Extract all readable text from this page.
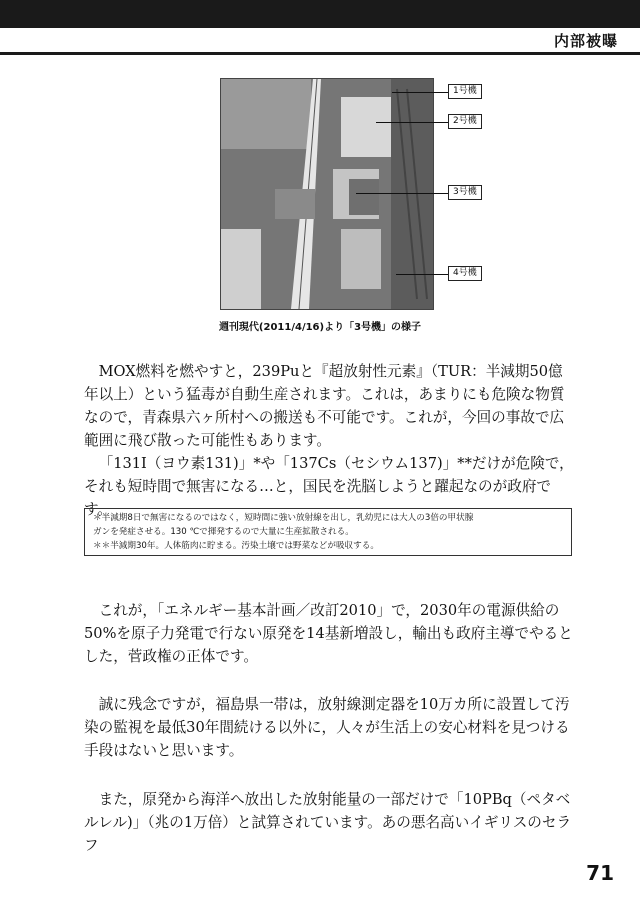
内部被曝
1号機
2号機
3号機
4号機
週刊現代(2011/4/16)より「3号機」の様子

MOX燃料を燃やすと，239Puと『超放射性元素』（TUR：半減期50億年以上）という猛毒が自動生産されます。これは，あまりにも危険な物質なので，青森県六ヶ所村への搬送も不可能です。これが，今回の事故で広範囲に飛び散った可能性もあります。

「131Ⅰ（ヨウ素131)」*や「137Cs（セシウム137)」**だけが危険で，それも短時間で無害になる…と，国民を洗脳しようと躍起なのが政府です。

＊半減期8日で無害になるのではなく，短時間に強い放射線を出し，乳幼児には大人の3倍の甲状腺
ガンを発症させる。130 ℃で揮発するので大量に生産拡散される。
＊＊半減期30年。人体筋肉に貯まる。汚染土壌では野菜などが吸収する。

これが，「エネルギー基本計画／改訂2010」で，2030年の電源供給の50%を原子力発電で行ない原発を14基新増設し，輸出も政府主導でやるとした，菅政権の正体です。

誠に残念ですが，福島県一帯は，放射線測定器を10万カ所に設置して汚染の監視を最低30年間続ける以外に，人々が生活上の安心材料を見つける手段はないと思います。

また，原発から海洋へ放出した放射能量の一部だけで「10PBq（ペタベルレル)」（兆の1万倍）と試算されています。あの悪名高いイギリスのセラフ

71
